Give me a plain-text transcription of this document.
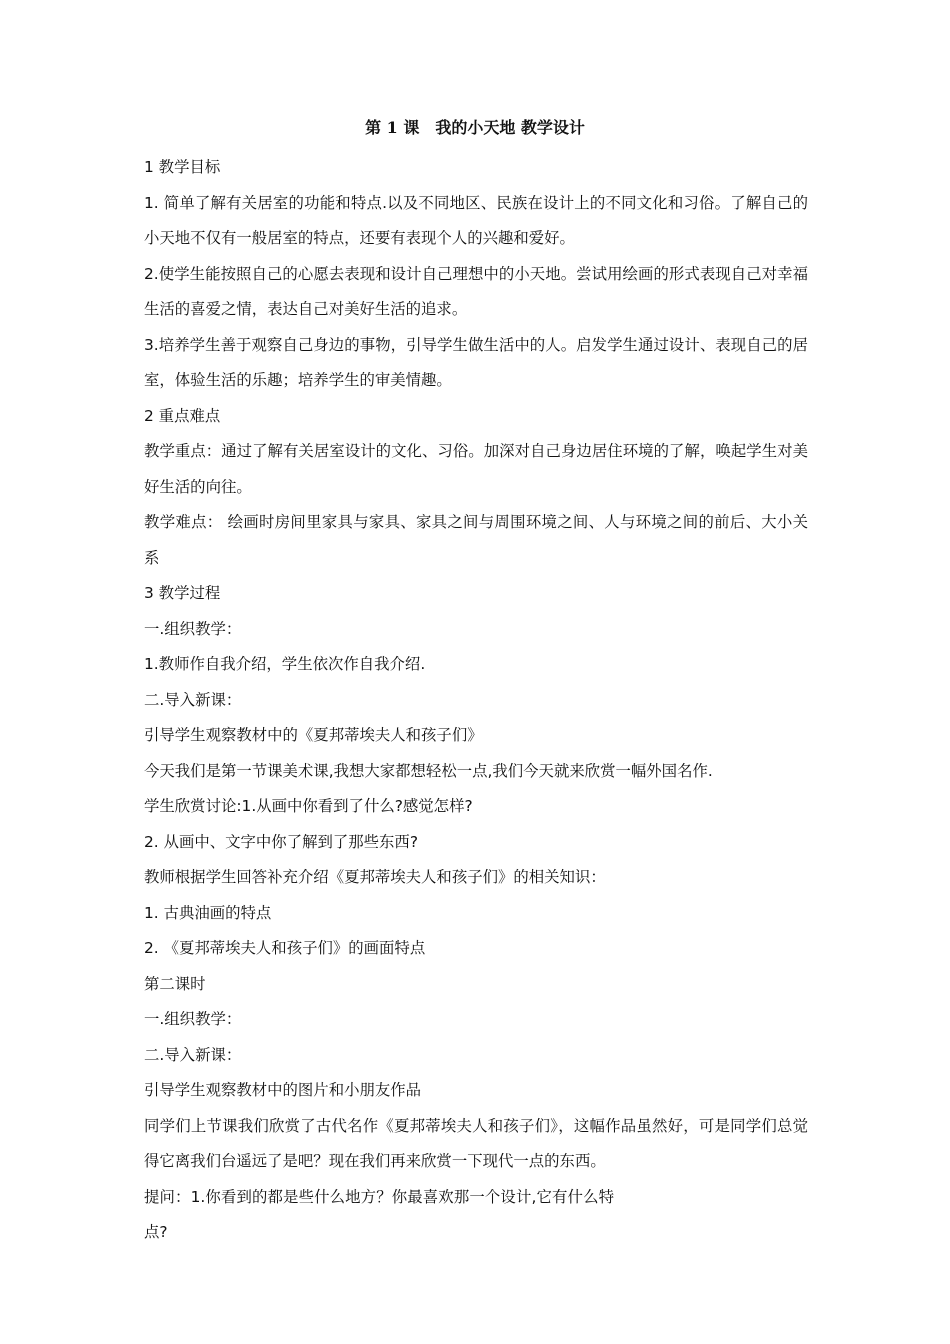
第 1 课　我的小天地 教学设计

1 教学目标

1. 简单了解有关居室的功能和特点.以及不同地区、民族在设计上的不同文化和习俗。了解自己的小天地不仅有一般居室的特点，还要有表现个人的兴趣和爱好。

2.使学生能按照自己的心愿去表现和设计自己理想中的小天地。尝试用绘画的形式表现自己对幸福生活的喜爱之情，表达自己对美好生活的追求。

3.培养学生善于观察自己身边的事物，引导学生做生活中的人。启发学生通过设计、表现自己的居室，体验生活的乐趣；培养学生的审美情趣。

2 重点难点

教学重点：通过了解有关居室设计的文化、习俗。加深对自己身边居住环境的了解，唤起学生对美好生活的向往。

教学难点： 绘画时房间里家具与家具、家具之间与周围环境之间、人与环境之间的前后、大小关系

3 教学过程

一.组织教学：

1.教师作自我介绍，学生依次作自我介绍.

二.导入新课：

引导学生观察教材中的《夏邦蒂埃夫人和孩子们》

今天我们是第一节课美术课,我想大家都想轻松一点,我们今天就来欣赏一幅外国名作.

学生欣赏讨论:1.从画中你看到了什么?感觉怎样?

2. 从画中、文字中你了解到了那些东西?

教师根据学生回答补充介绍《夏邦蒂埃夫人和孩子们》的相关知识：

1. 古典油画的特点

2. 《夏邦蒂埃夫人和孩子们》的画面特点

第二课时

一.组织教学：

二.导入新课：

引导学生观察教材中的图片和小朋友作品

同学们上节课我们欣赏了古代名作《夏邦蒂埃夫人和孩子们》，这幅作品虽然好，可是同学们总觉得它离我们台遥远了是吧？现在我们再来欣赏一下现代一点的东西。

提问：1.你看到的都是些什么地方？你最喜欢那一个设计,它有什么特点?
